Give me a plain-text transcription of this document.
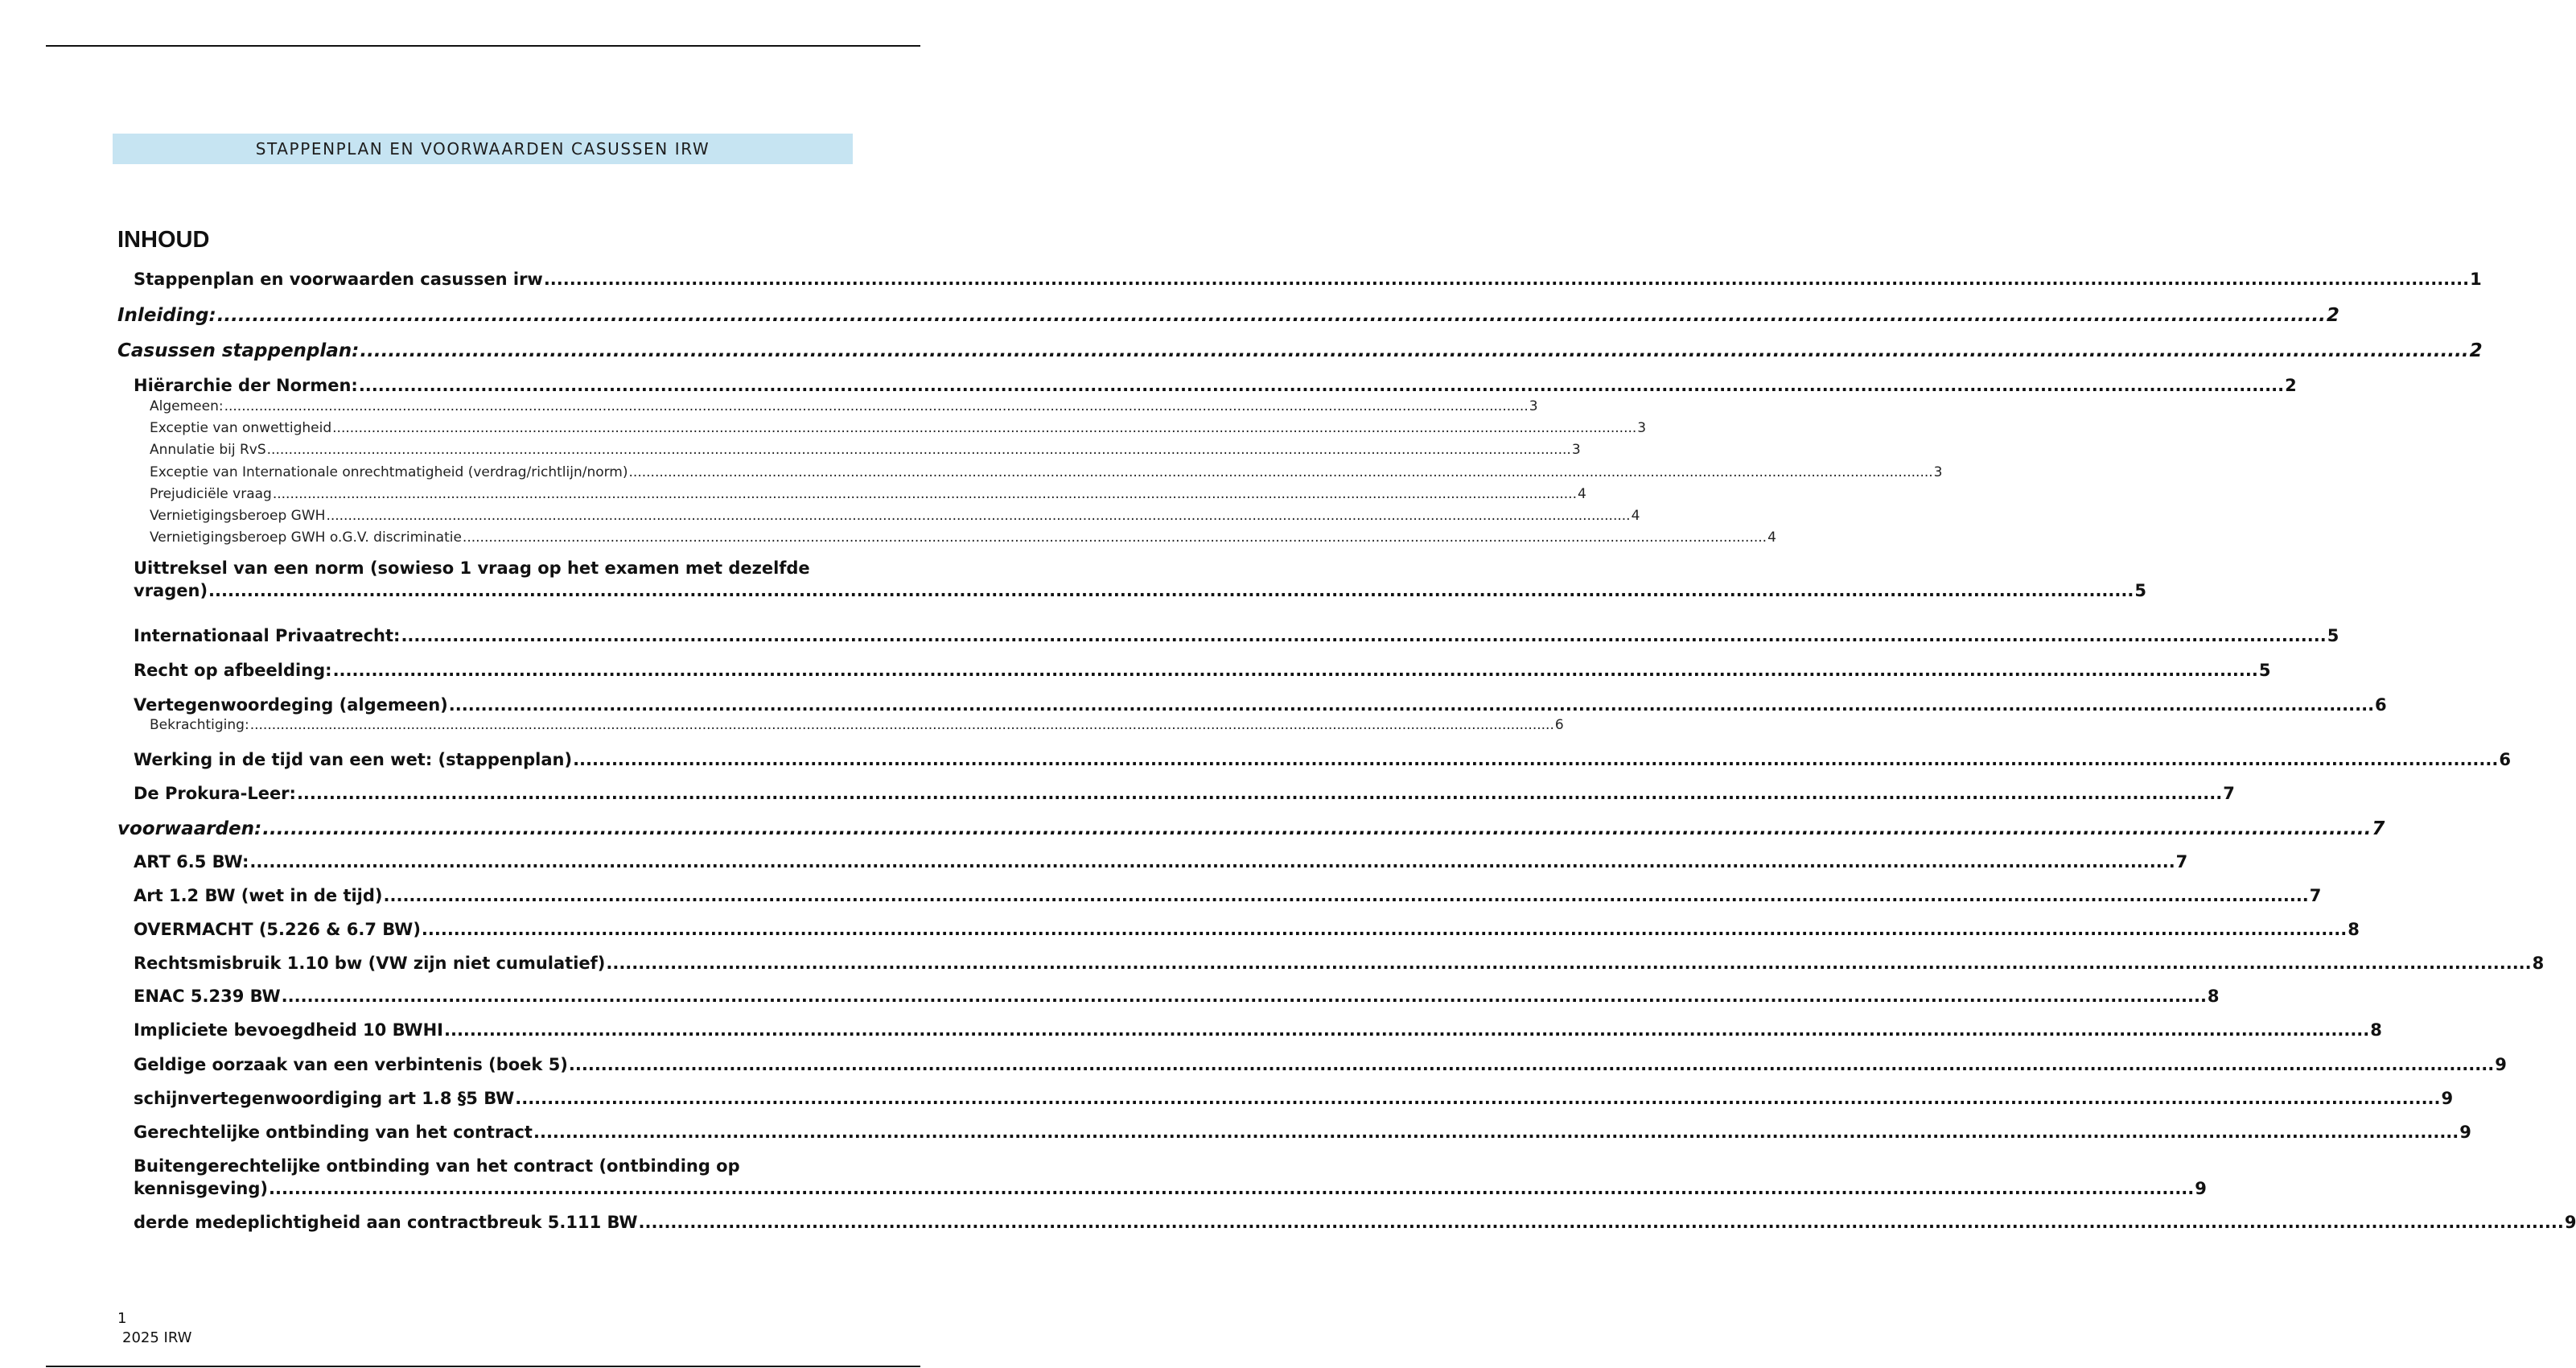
STAPPENPLAN EN VOORWAARDEN CASUSSEN IRW
INHOUD
Stappenplan en voorwaarden casussen irw ............................................................................................................................................................................................................................................................................................................ 1
Inleiding: ............................................................................................................................................................................................................................................................................................................ 2
Casussen stappenplan: ............................................................................................................................................................................................................................................................................................................ 2
Hiërarchie der Normen: ............................................................................................................................................................................................................................................................................................................ 2
Algemeen: ............................................................................................................................................................................................................................................................................................................ 3
Exceptie van onwettigheid ............................................................................................................................................................................................................................................................................................................ 3
Annulatie bij RvS ............................................................................................................................................................................................................................................................................................................ 3
Exceptie van Internationale onrechtmatigheid (verdrag/richtlijn/norm) ............................................................................................................................................................................................................................................................................................................ 3
Prejudiciële vraag ............................................................................................................................................................................................................................................................................................................ 4
Vernietigingsberoep GWH ............................................................................................................................................................................................................................................................................................................ 4
Vernietigingsberoep GWH o.G.V. discriminatie ............................................................................................................................................................................................................................................................................................................ 4
Uittreksel van een norm (sowieso 1 vraag op het examen met dezelfde
vragen) ............................................................................................................................................................................................................................................................................................................ 5
Internationaal Privaatrecht: ............................................................................................................................................................................................................................................................................................................ 5
Recht op afbeelding: ............................................................................................................................................................................................................................................................................................................ 5
Vertegenwoordeging (algemeen) ............................................................................................................................................................................................................................................................................................................ 6
Bekrachtiging: ............................................................................................................................................................................................................................................................................................................ 6
Werking in de tijd van een wet: (stappenplan) ............................................................................................................................................................................................................................................................................................................ 6
De Prokura-Leer: ............................................................................................................................................................................................................................................................................................................ 7
voorwaarden: ............................................................................................................................................................................................................................................................................................................ 7
ART 6.5 BW: ............................................................................................................................................................................................................................................................................................................ 7
Art 1.2 BW (wet in de tijd) ............................................................................................................................................................................................................................................................................................................ 7
OVERMACHT (5.226 & 6.7 BW) ............................................................................................................................................................................................................................................................................................................ 8
Rechtsmisbruik 1.10 bw (VW zijn niet cumulatief) ............................................................................................................................................................................................................................................................................................................ 8
ENAC 5.239 BW ............................................................................................................................................................................................................................................................................................................ 8
Impliciete bevoegdheid 10 BWHI ............................................................................................................................................................................................................................................................................................................ 8
Geldige oorzaak van een verbintenis (boek 5) ............................................................................................................................................................................................................................................................................................................ 9
schijnvertegenwoordiging art 1.8 §5 BW ............................................................................................................................................................................................................................................................................................................ 9
Gerechtelijke ontbinding van het contract ............................................................................................................................................................................................................................................................................................................ 9
Buitengerechtelijke ontbinding van het contract (ontbinding op
kennisgeving) ............................................................................................................................................................................................................................................................................................................ 9
derde medeplichtigheid aan contractbreuk 5.111 BW ............................................................................................................................................................................................................................................................................................................ 9
1
2025 IRW
